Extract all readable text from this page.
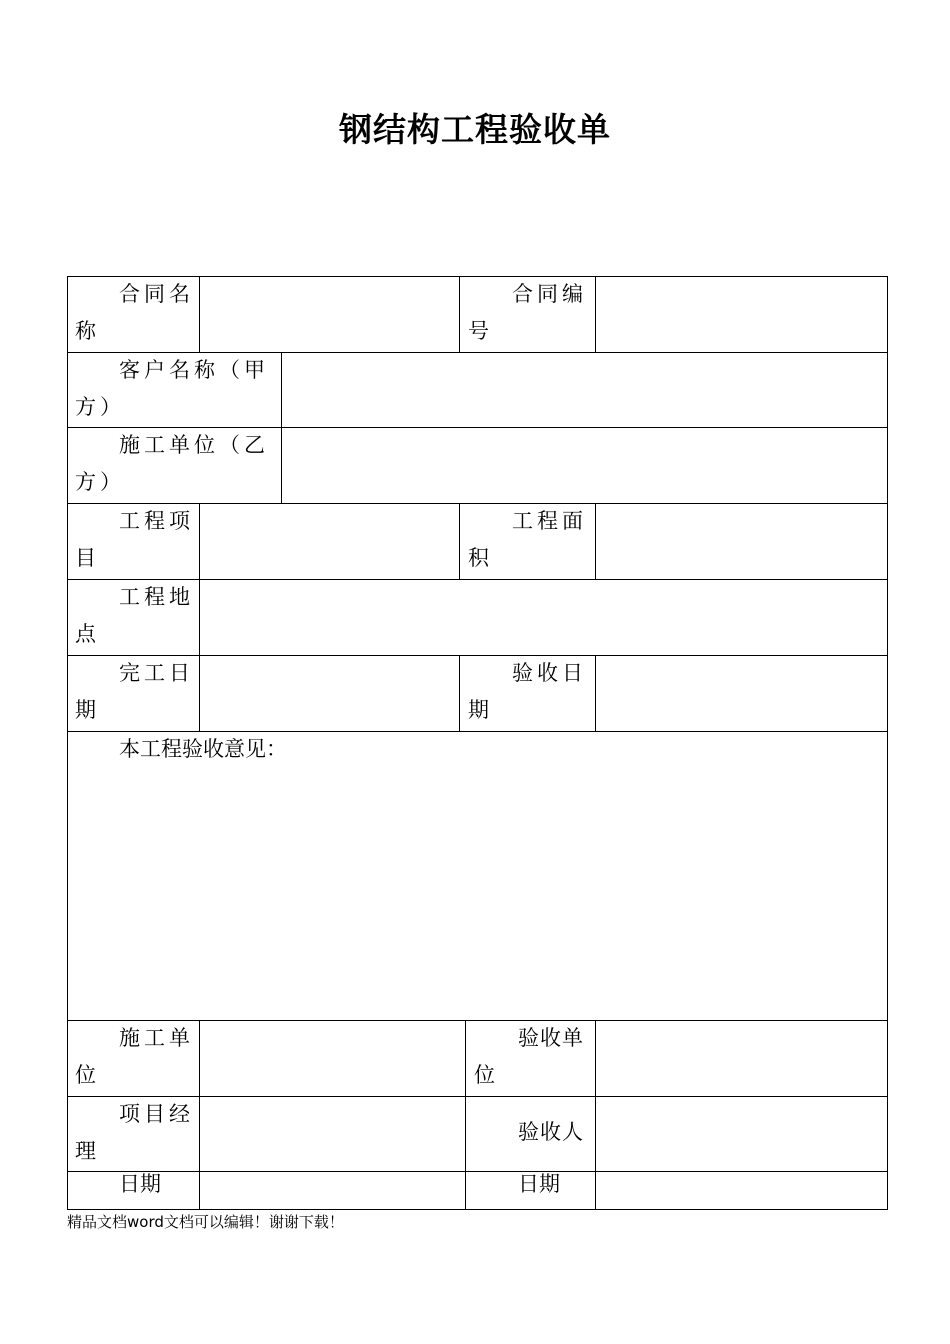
钢结构工程验收单
合同名称
合同编号
客户名称（甲方）
施工单位（乙方）
工程项目
工程面积
工程地点
完工日期
验收日期
本工程验收意见：
施工单位
验收单位
项目经理
验收人
日期	日期
精品文档word文档可以编辑！谢谢下载！
